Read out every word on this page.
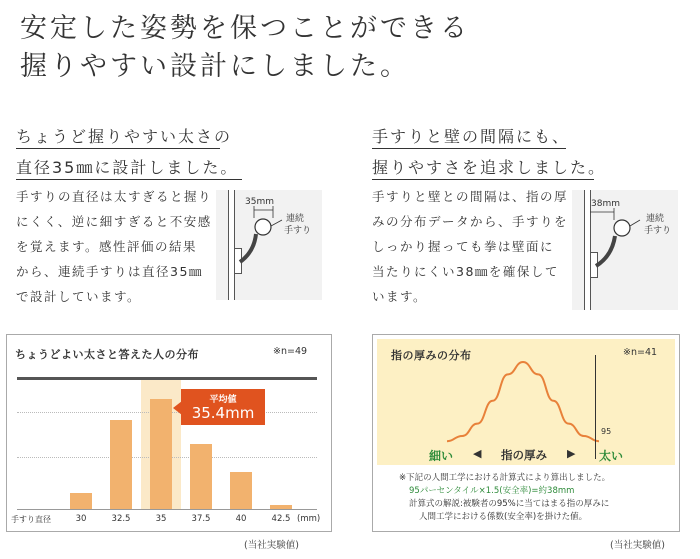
安定した姿勢を保つことができる
握りやすい設計にしました。
ちょうど握りやすい太さの
直径35㎜に設計しました。
手すりの直径は太すぎると握り
にくく、逆に細すぎると不安感
を覚えます。感性評価の結果
から、連続手すりは直径35㎜
で設計しています。
35mm
連続
手すり
手すりと壁の間隔にも、
握りやすさを追求しました。
手すりと壁との間隔は、指の厚
みの分布データから、手すりを
しっかり握っても拳は壁面に
当たりにくい38㎜を確保して
います。
38mm
連続
手すり
ちょうどよい太さと答えた人の分布	※n=49
平均値
35.4mm
手すり直径	(mm)
30	32.5	35	37.5	40	42.5
(当社実験値)
指の厚みの分布	※n=41
95
細い ◀ 指の厚み ▶ 太い
※下記の人間工学における計算式により算出しました。
95パーセンタイル×1.5(安全率)=約38mm
計算式の解説:被験者の95%に当てはまる指の厚みに
人間工学における係数(安全率)を掛けた値。
(当社実験値)
